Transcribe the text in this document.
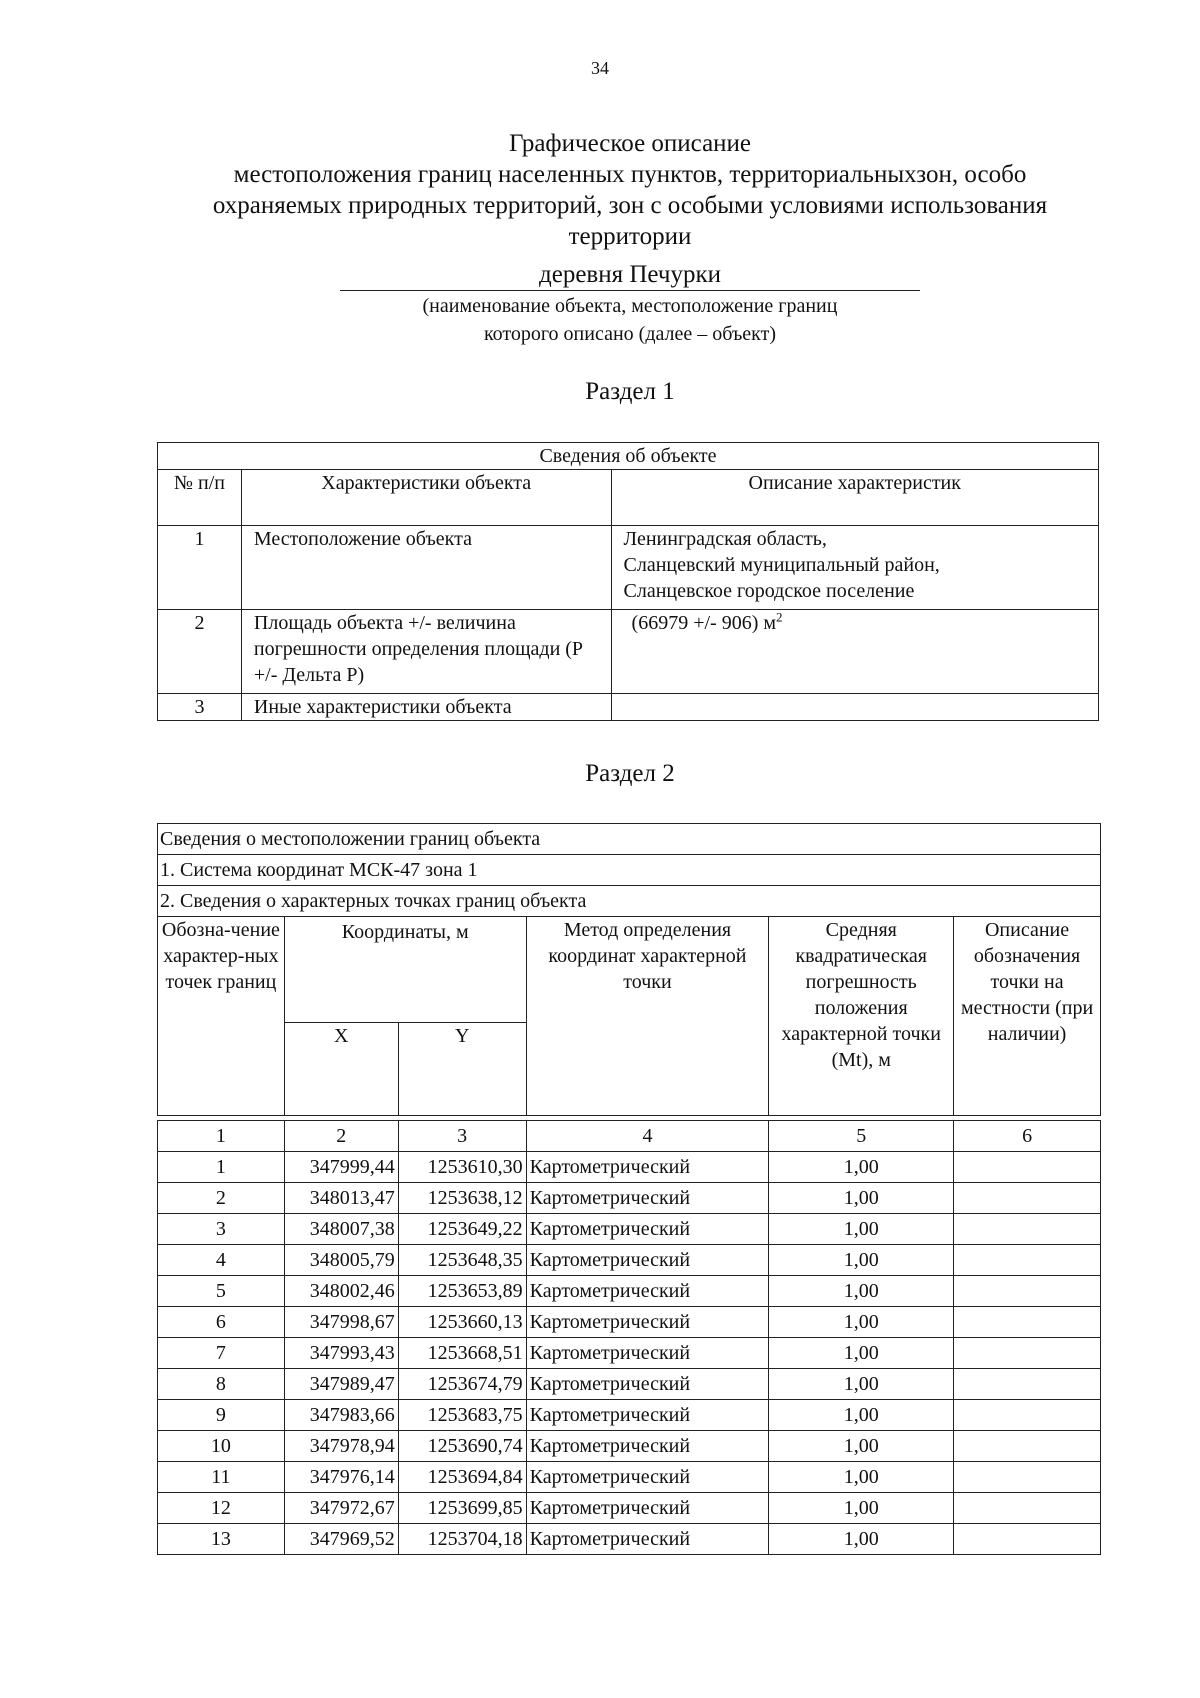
34
Графическое описание
местоположения границ населенных пунктов, территориальныхзон, особо
охраняемых природных территорий, зон с особыми условиями использования
территории
деревня Печурки
(наименование объекта, местоположение границ
которого описано (далее – объект)
Раздел 1
Сведения об объекте		
№ п/п	Характеристики объекта	Описание характеристик
1	Местоположение объекта	Ленинградская область,
Сланцевский муниципальный район,
Сланцевское городское поселение

2	Площадь объекта +/- величина погрешности определения площади (P +/- Дельта P)	(66979 +/- 906) $м^2$
3	Иные характеристики объекта	
Раздел 2
Сведения о местоположении границ объекта					
1. Система координат МСК-47 зона 1					
2. Сведения о характерных точках границ объекта					
Обозна-чение характер-ных точек границ	Координаты, м		Метод определения координат характерной точки	Средняя квадратическая погрешность положения характерной точки (Mt), м	Описание обозначения точки на местности (при наличии)
	X	Y			

1	2	3	4	5	6
1	347999,44	1253610,30	Картометрический	1,00	
2	348013,47	1253638,12	Картометрический	1,00	
3	348007,38	1253649,22	Картометрический	1,00	
4	348005,79	1253648,35	Картометрический	1,00	
5	348002,46	1253653,89	Картометрический	1,00	
6	347998,67	1253660,13	Картометрический	1,00	
7	347993,43	1253668,51	Картометрический	1,00	
8	347989,47	1253674,79	Картометрический	1,00	
9	347983,66	1253683,75	Картометрический	1,00	
10	347978,94	1253690,74	Картометрический	1,00	
11	347976,14	1253694,84	Картометрический	1,00	
12	347972,67	1253699,85	Картометрический	1,00	
13	347969,52	1253704,18	Картометрический	1,00	
